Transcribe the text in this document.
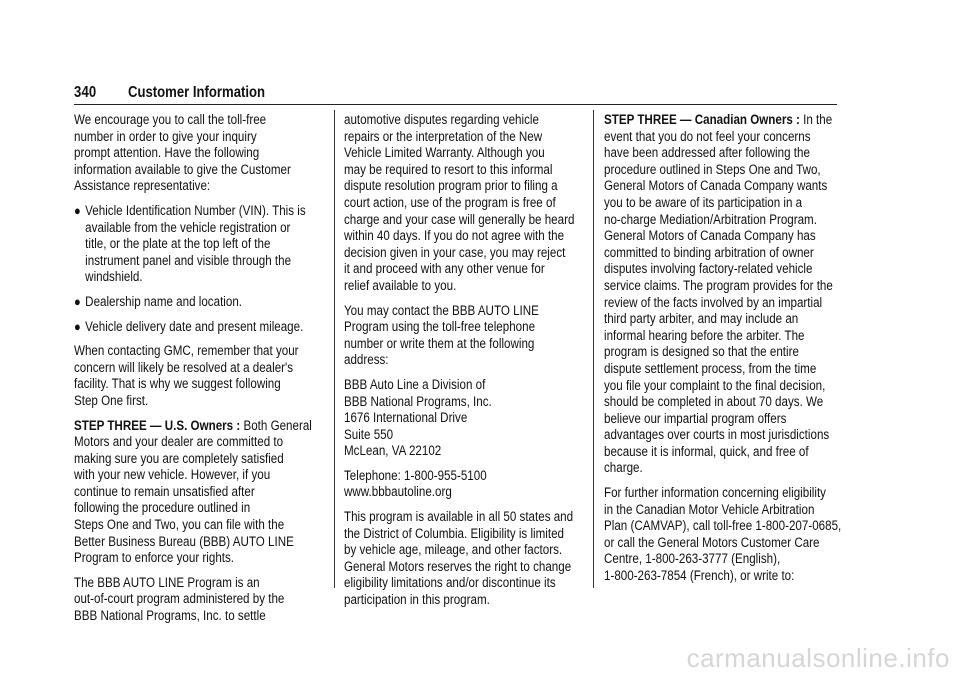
340 Customer Information

We encourage you to call the toll-free
number in order to give your inquiry
prompt attention. Have the following
information available to give the Customer
Assistance representative:

● Vehicle Identification Number (VIN). This is
available from the vehicle registration or
title, or the plate at the top left of the
instrument panel and visible through the
windshield.
● Dealership name and location.
● Vehicle delivery date and present mileage.

When contacting GMC, remember that your
concern will likely be resolved at a dealer's
facility. That is why we suggest following
Step One first.

STEP THREE — U.S. Owners : Both General
Motors and your dealer are committed to
making sure you are completely satisfied
with your new vehicle. However, if you
continue to remain unsatisfied after
following the procedure outlined in
Steps One and Two, you can file with the
Better Business Bureau (BBB) AUTO LINE
Program to enforce your rights.

The BBB AUTO LINE Program is an
out-of-court program administered by the
BBB National Programs, Inc. to settle

automotive disputes regarding vehicle
repairs or the interpretation of the New
Vehicle Limited Warranty. Although you
may be required to resort to this informal
dispute resolution program prior to filing a
court action, use of the program is free of
charge and your case will generally be heard
within 40 days. If you do not agree with the
decision given in your case, you may reject
it and proceed with any other venue for
relief available to you.

You may contact the BBB AUTO LINE
Program using the toll-free telephone
number or write them at the following
address:

BBB Auto Line a Division of
BBB National Programs, Inc.
1676 International Drive
Suite 550
McLean, VA 22102

Telephone: 1-800-955-5100
www.bbbautoline.org

This program is available in all 50 states and
the District of Columbia. Eligibility is limited
by vehicle age, mileage, and other factors.
General Motors reserves the right to change
eligibility limitations and/or discontinue its
participation in this program.

STEP THREE — Canadian Owners : In the
event that you do not feel your concerns
have been addressed after following the
procedure outlined in Steps One and Two,
General Motors of Canada Company wants
you to be aware of its participation in a
no-charge Mediation/Arbitration Program.
General Motors of Canada Company has
committed to binding arbitration of owner
disputes involving factory-related vehicle
service claims. The program provides for the
review of the facts involved by an impartial
third party arbiter, and may include an
informal hearing before the arbiter. The
program is designed so that the entire
dispute settlement process, from the time
you file your complaint to the final decision,
should be completed in about 70 days. We
believe our impartial program offers
advantages over courts in most jurisdictions
because it is informal, quick, and free of
charge.

For further information concerning eligibility
in the Canadian Motor Vehicle Arbitration
Plan (CAMVAP), call toll-free 1-800-207-0685,
or call the General Motors Customer Care
Centre, 1-800-263-3777 (English),
1-800-263-7854 (French), or write to:

carmanualsonline.info
